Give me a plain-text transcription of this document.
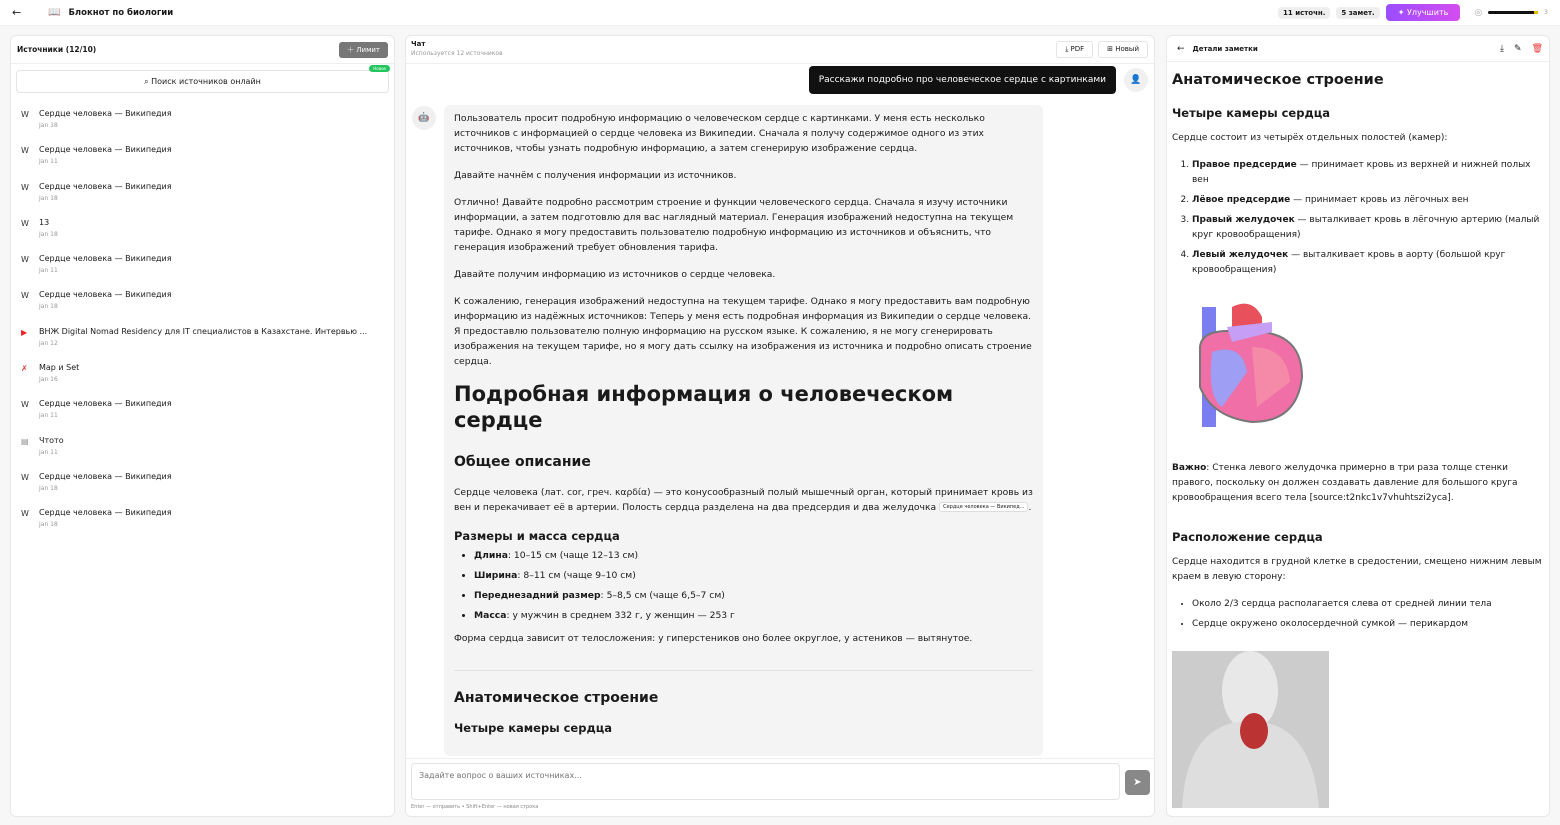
←	📖 Блокнот по биологии	11 источн.	5 замет.	✦ Улучшить	◎	3
Источники (12/10)	＋ Лимит
⌕ Поиск источников онлайн
Новое
W	Сердце человека — Википедия
Jan 18
W	Сердце человека — Википедия
Jan 11
W	Сердце человека — Википедия
Jan 18
W	13
Jan 18
W	Сердце человека — Википедия
Jan 11
W	Сердце человека — Википедия
Jan 18
▶	ВНЖ Digital Nomad Residency для IT специалистов в Казахстане. Интервью ...
Jan 12
✗	Map и Set
Jan 16
W	Сердце человека — Википедия
Jan 11
▤	Чтото
Jan 11
W	Сердце человека — Википедия
Jan 18
W	Сердце человека — Википедия
Jan 18
Чат
Используется 12 источников
⤓ PDF	⊞ Новый
Расскажи подробно про человеческое сердце с картинками	👤
🤖	Пользователь просит подробную информацию о человеческом сердце с картинками. У меня есть несколько источников с информацией о сердце человека из Википедии. Сначала я получу содержимое одного из этих источников, чтобы узнать подробную информацию, а затем сгенерирую изображение сердца.

Давайте начнём с получения информации из источников.

Отлично! Давайте подробно рассмотрим строение и функции человеческого сердца. Сначала я изучу источники информации, а затем подготовлю для вас наглядный материал. Генерация изображений недоступна на текущем тарифе. Однако я могу предоставить пользователю подробную информацию из источников и объяснить, что генерация изображений требует обновления тарифа.

Давайте получим информацию из источников о сердце человека.

К сожалению, генерация изображений недоступна на текущем тарифе. Однако я могу предоставить вам подробную информацию из надёжных источников: Теперь у меня есть подробная информация из Википедии о сердце человека. Я предоставлю пользователю полную информацию на русском языке. К сожалению, я не могу сгенерировать изображения на текущем тарифе, но я могу дать ссылку на изображения из источника и подробно описать строение сердца.

Подробная информация о человеческом сердце
Общее описание

Сердце человека (лат. cor, греч. καρδία) — это конусообразный полый мышечный орган, который принимает кровь из вен и перекачивает её в артерии. Полость сердца разделена на два предсердия и два желудочка Сердце человека — Википед... .

Размеры и масса сердца
• Длина: 10–15 см (чаще 12–13 см)
• Ширина: 8–11 см (чаще 9–10 см)
• Переднезадний размер: 5–8,5 см (чаще 6,5–7 см)
• Масса: у мужчин в среднем 332 г, у женщин — 253 г

Форма сердца зависит от телосложения: у гиперстеников оно более округлое, у астеников — вытянутое.

Анатомическое строение
Четыре камеры сердца
Задайте вопрос о ваших источниках...
➤
Enter — отправить • Shift+Enter — новая строка
← Детали заметки	⤓ ✎ 🗑
Анатомическое строение
Четыре камеры сердца

Сердце состоит из четырёх отдельных полостей (камер):

1. Правое предсердие — принимает кровь из верхней и нижней полых вен
2. Лёвое предсердие — принимает кровь из лёгочных вен
3. Правый желудочек — выталкивает кровь в лёгочную артерию (малый круг кровообращения)
4. Левый желудочек — выталкивает кровь в аорту (большой круг кровообращения)

Важно: Стенка левого желудочка примерно в три раза толще стенки правого, поскольку он должен создавать давление для большого круга кровообращения всего тела [source:t2nkc1v7vhuhtszi2yca].

Расположение сердца

Сердце находится в грудной клетке в средостении, смещено нижним левым краем в левую сторону:

• Около 2/3 сердца располагается слева от средней линии тела
• Сердце окружено околосердечной сумкой — перикардом
